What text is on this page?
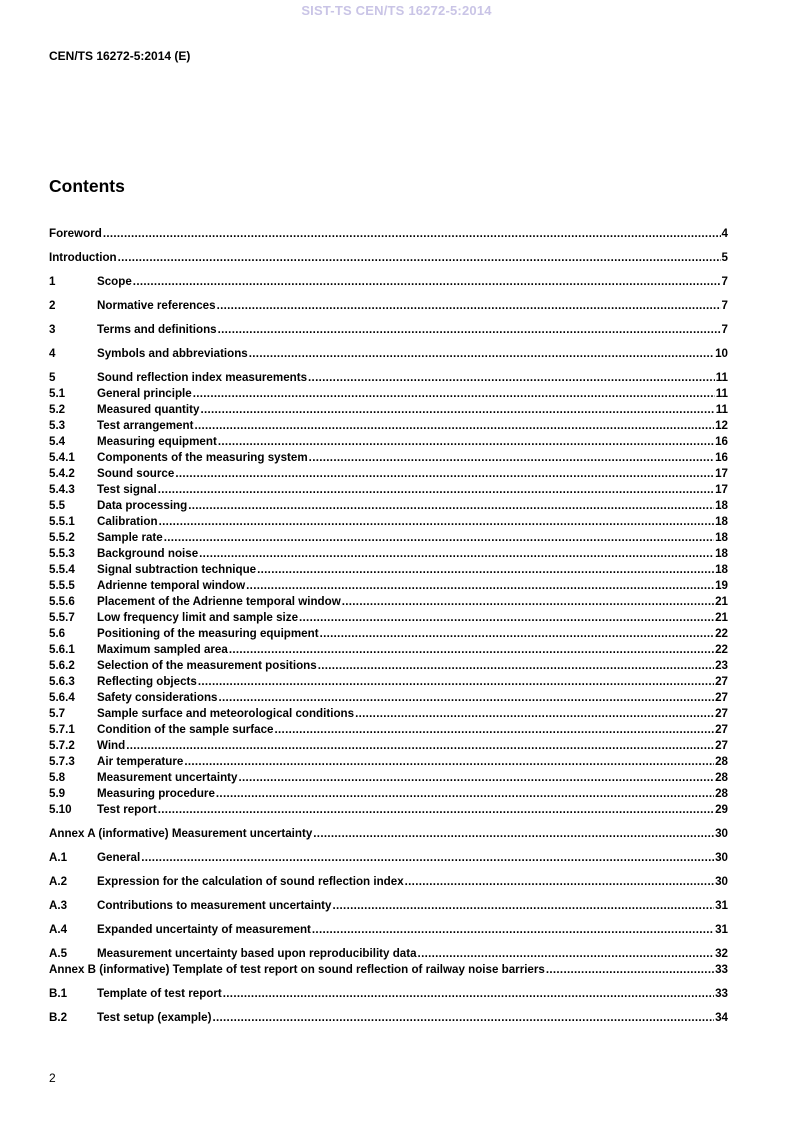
SIST-TS CEN/TS 16272-5:2014
CEN/TS 16272-5:2014 (E)
Contents
Foreword .....	4
Introduction .....	5
1	Scope .....	7
2	Normative references .....	7
3	Terms and definitions .....	7
4	Symbols and abbreviations .....	10
5	Sound reflection index measurements .....	11
5.1	General principle .....	11
5.2	Measured quantity .....	11
5.3	Test arrangement .....	12
5.4	Measuring equipment .....	16
5.4.1	Components of the measuring system .....	16
5.4.2	Sound source .....	17
5.4.3	Test signal .....	17
5.5	Data processing .....	18
5.5.1	Calibration .....	18
5.5.2	Sample rate .....	18
5.5.3	Background noise .....	18
5.5.4	Signal subtraction technique .....	18
5.5.5	Adrienne temporal window .....	19
5.5.6	Placement of the Adrienne temporal window .....	21
5.5.7	Low frequency limit and sample size .....	21
5.6	Positioning of the measuring equipment .....	22
5.6.1	Maximum sampled area .....	22
5.6.2	Selection of the measurement positions .....	23
5.6.3	Reflecting objects .....	27
5.6.4	Safety considerations .....	27
5.7	Sample surface and meteorological conditions .....	27
5.7.1	Condition of the sample surface .....	27
5.7.2	Wind .....	27
5.7.3	Air temperature .....	28
5.8	Measurement uncertainty .....	28
5.9	Measuring procedure .....	28
5.10	Test report .....	29
Annex A (informative) Measurement uncertainty .....	30
A.1	General .....	30
A.2	Expression for the calculation of sound reflection index .....	30
A.3	Contributions to measurement uncertainty .....	31
A.4	Expanded uncertainty of measurement .....	31
A.5	Measurement uncertainty based upon reproducibility data .....	32
Annex B (informative) Template of test report on sound reflection of railway noise barriers .....	33
B.1	Template of test report .....	33
B.2	Test setup (example) .....	34
2
